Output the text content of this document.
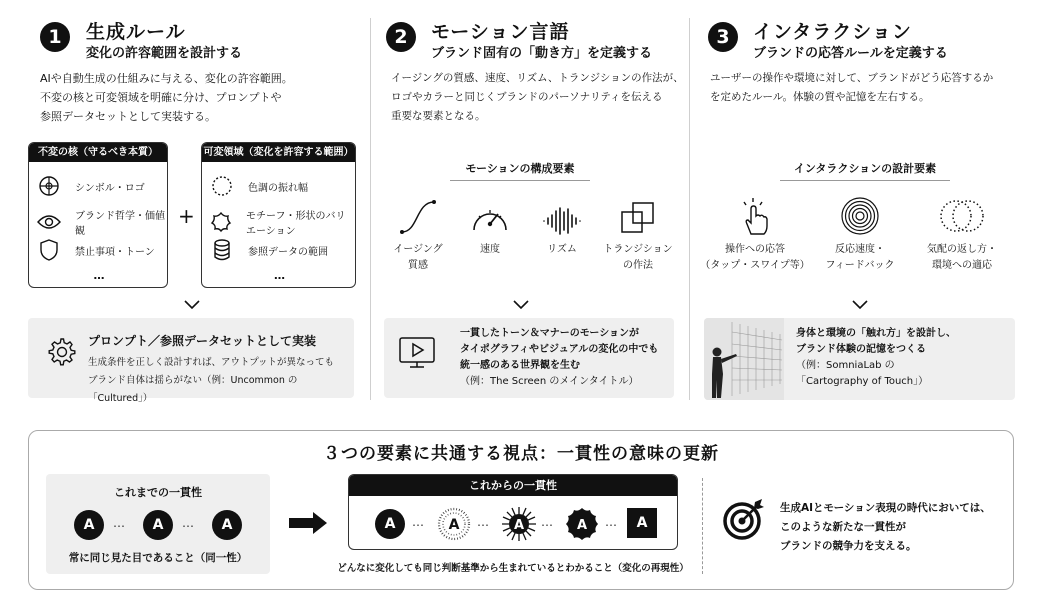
1	生成ルール
変化の許容範囲を設計する
AIや自動生成の仕組みに与える、変化の許容範囲。
不変の核と可変領域を明確に分け、プロンプトや
参照データセットとして実装する。
不変の核（守るべき本質）
シンボル・ロゴ
ブランド哲学・価値観
禁止事項・トーン
…
+
可変領域（変化を許容する範囲）
色調の振れ幅
モチーフ・形状のバリエーション
参照データの範囲
…
プロンプト／参照データセットとして実装
生成条件を正しく設計すれば、アウトプットが異なっても
ブランド自体は揺らがない（例：Uncommon の「Cultured」）
2	モーション言語
ブランド固有の「動き方」を定義する
イージングの質感、速度、リズム、トランジションの作法が、
ロゴやカラーと同じくブランドのパーソナリティを伝える
重要な要素となる。
モーションの構成要素
イージング
質感
速度	リズム	トランジション
の作法
一貫したトーン＆マナーのモーションが
タイポグラフィやビジュアルの変化の中でも
統一感のある世界観を生む
（例：The Screen のメインタイトル）
3	インタラクション
ブランドの応答ルールを定義する
ユーザーの操作や環境に対して、ブランドがどう応答するか
を定めたルール。体験の質や記憶を左右する。
インタラクションの設計要素
操作への応答
（タップ・スワイプ等）
反応速度・
フィードバック
気配の返し方・
環境への適応
身体と環境の「触れ方」を設計し、
ブランド体験の記憶をつくる
（例：SomniaLab の
「Cartography of Touch」）
３つの要素に共通する視点：一貫性の意味の更新
これまでの一貫性
A	…	A	…	A
常に同じ見た目であること（同一性）
これからの一貫性
A	… A … A … A …	A
どんなに変化しても同じ判断基準から生まれているとわかること（変化の再現性）
生成AIとモーション表現の時代においては、
このような新たな一貫性が
ブランドの競争力を支える。
